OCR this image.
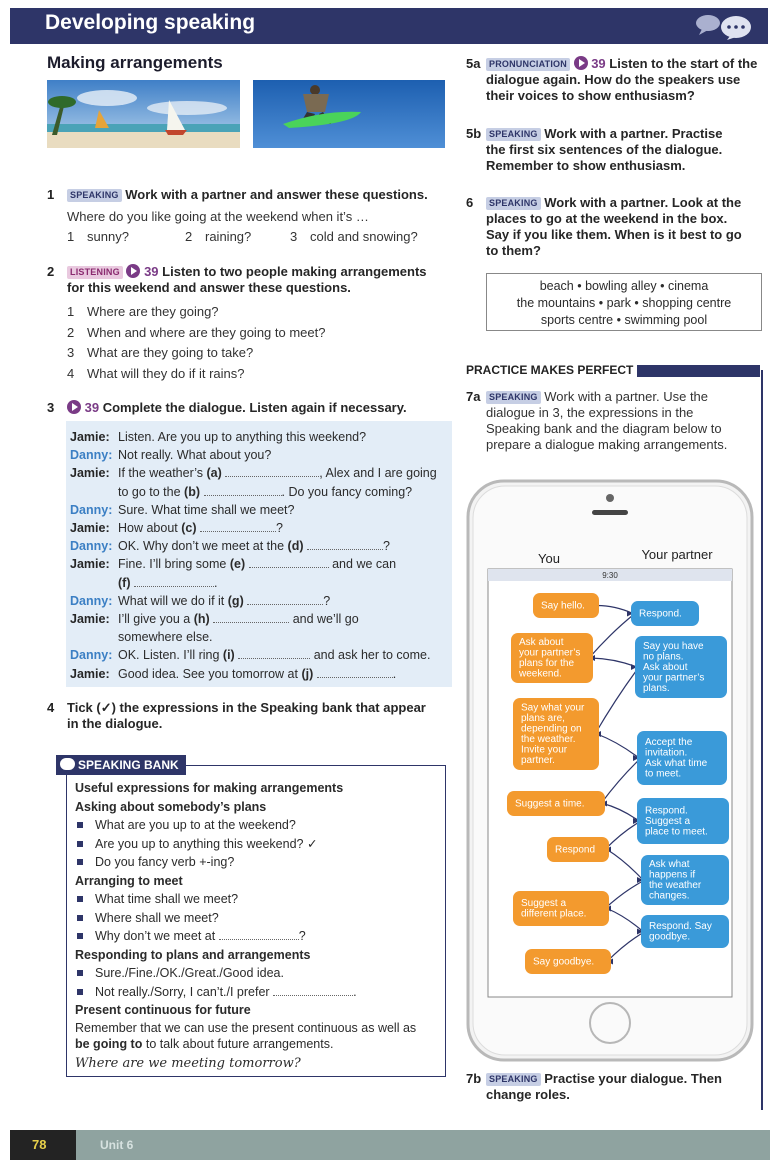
Developing speaking
Making arrangements
1 SPEAKING Work with a partner and answer these questions.
Where do you like going at the weekend when it’s …
1 sunny?	2 raining?	3 cold and snowing?
2 LISTENING 39 Listen to two people making arrangements
for this weekend and answer these questions.
1 Where are they going?
2 When and where are they going to meet?
3 What are they going to take?
4 What will they do if it rains?
3 39 Complete the dialogue. Listen again if necessary.
Jamie: Listen. Are you up to anything this weekend?
Danny: Not really. What about you?
Jamie: If the weather’s (a)	, Alex and I are going
to go to the (b)	. Do you fancy coming?
Danny: Sure. What time shall we meet?
Jamie: How about (c)	?
Danny: OK. Why don’t we meet at the (d)	?
Jamie: Fine. I’ll bring some (e)	and we can
(f)	.
Danny: What will we do if it (g)	?
Jamie: I’ll give you a (h)	and we’ll go
somewhere else.
Danny: OK. Listen. I’ll ring (i)	and ask her to come.
Jamie: Good idea. See you tomorrow at (j)	.
4 Tick (✓) the expressions in the Speaking bank that appear
in the dialogue.
Useful expressions for making arrangements
Asking about somebody’s plans
What are you up to at the weekend?
Are you up to anything this weekend? ✓
Do you fancy verb +-ing?
Arranging to meet
What time shall we meet?
Where shall we meet?
Why don’t we meet at	?
Responding to plans and arrangements
Sure./Fine./OK./Great./Good idea.
Not really./Sorry, I can’t./I prefer	.
Present continuous for future
Remember that we can use the present continuous as well as
be going to to talk about future arrangements.
Where are we meeting tomorrow?
SPEAKING BANK
5a PRONUNCIATION 39 Listen to the start of the
dialogue again. How do the speakers use
their voices to show enthusiasm?
5b SPEAKING Work with a partner. Practise
the first six sentences of the dialogue.
Remember to show enthusiasm.
6 SPEAKING Work with a partner. Look at the
places to go at the weekend in the box.
Say if you like them. When is it best to go
to them?
beach • bowling alley • cinema
the mountains • park • shopping centre
sports centre • swimming pool
PRACTICE MAKES PERFECT
7a SPEAKING Work with a partner. Use the
dialogue in 3, the expressions in the
Speaking bank and the diagram below to
prepare a dialogue making arrangements.
9:30
You	Your partner
Say hello.
Ask about
your partner’s
plans for the
weekend.
Say what your
plans are,
depending on
the weather.
Invite your
partner.
Suggest a time.
Respond
Suggest a
different place.
Say goodbye.
Respond.
Say you have
no plans.
Ask about
your partner’s
plans.
Accept the
invitation.
Ask what time
to meet.
Respond.
Suggest a
place to meet.
Ask what
happens if
the weather
changes.
Respond. Say
goodbye.
7b SPEAKING Practise your dialogue. Then
change roles.
78	Unit 6
